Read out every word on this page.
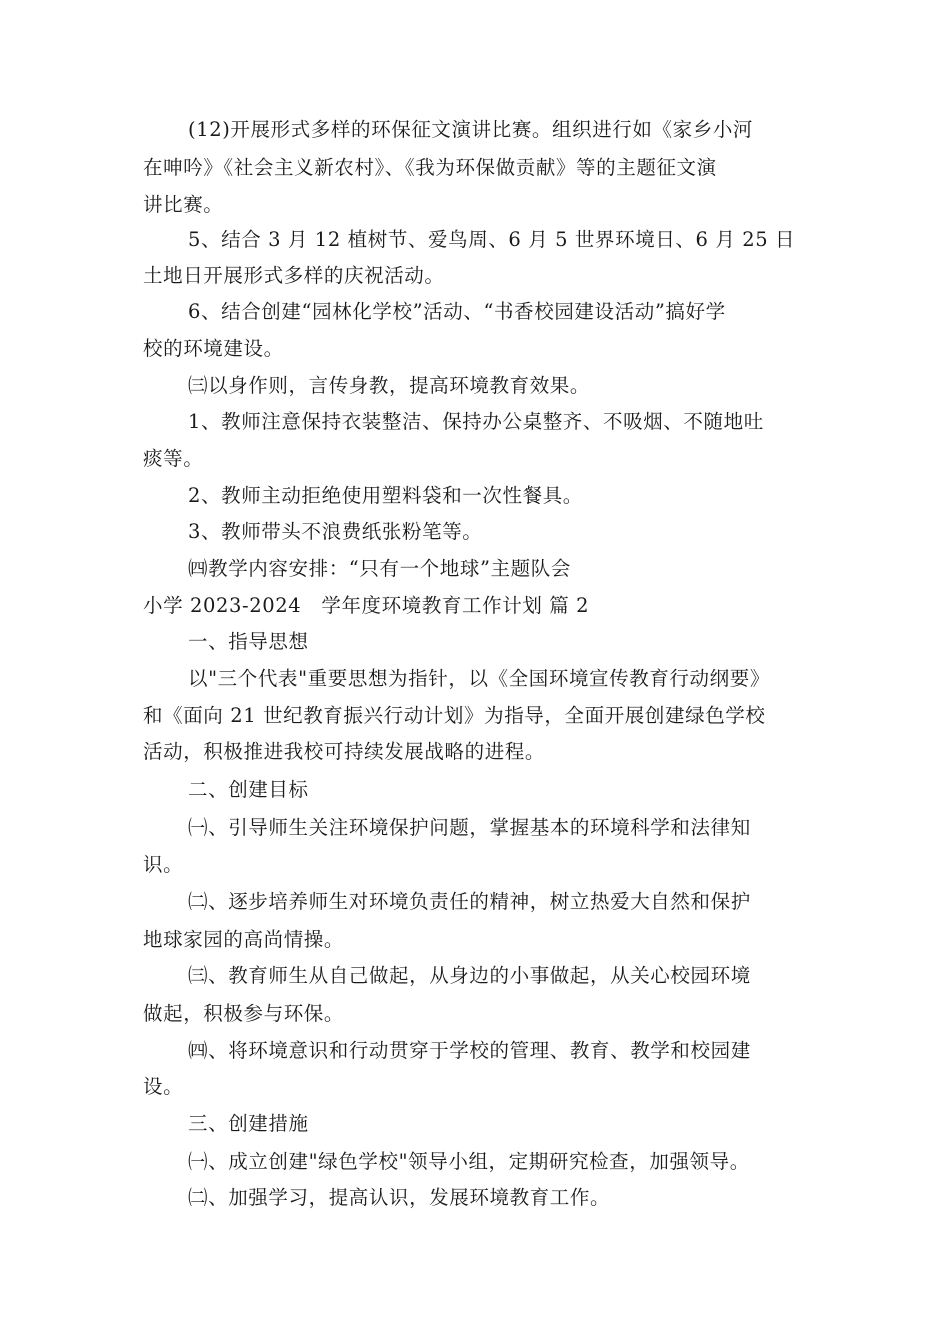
(12)开展形式多样的环保征文演讲比赛。组织进行如《家乡小河
在呻吟》《社会主义新农村》、《我为环保做贡献》等的主题征文演
讲比赛。
5、结合 3 月 12 植树节、爱鸟周、6 月 5 世界环境日、6 月 25 日
土地日开展形式多样的庆祝活动。
6、结合创建“园林化学校”活动、“书香校园建设活动”搞好学
校的环境建设。
㈢以身作则，言传身教，提高环境教育效果。
1、教师注意保持衣装整洁、保持办公桌整齐、不吸烟、不随地吐
痰等。
2、教师主动拒绝使用塑料袋和一次性餐具。
3、教师带头不浪费纸张粉笔等。
㈣教学内容安排：“只有一个地球”主题队会
小学 2023-2024　学年度环境教育工作计划 篇 2
一、指导思想
以"三个代表"重要思想为指针，以《全国环境宣传教育行动纲要》
和《面向 21 世纪教育振兴行动计划》为指导，全面开展创建绿色学校
活动，积极推进我校可持续发展战略的进程。
二、创建目标
㈠、引导师生关注环境保护问题，掌握基本的环境科学和法律知
识。
㈡、逐步培养师生对环境负责任的精神，树立热爱大自然和保护
地球家园的高尚情操。
㈢、教育师生从自己做起，从身边的小事做起，从关心校园环境
做起，积极参与环保。
㈣、将环境意识和行动贯穿于学校的管理、教育、教学和校园建
设。
三、创建措施
㈠、成立创建"绿色学校"领导小组，定期研究检查，加强领导。
㈡、加强学习，提高认识，发展环境教育工作。
